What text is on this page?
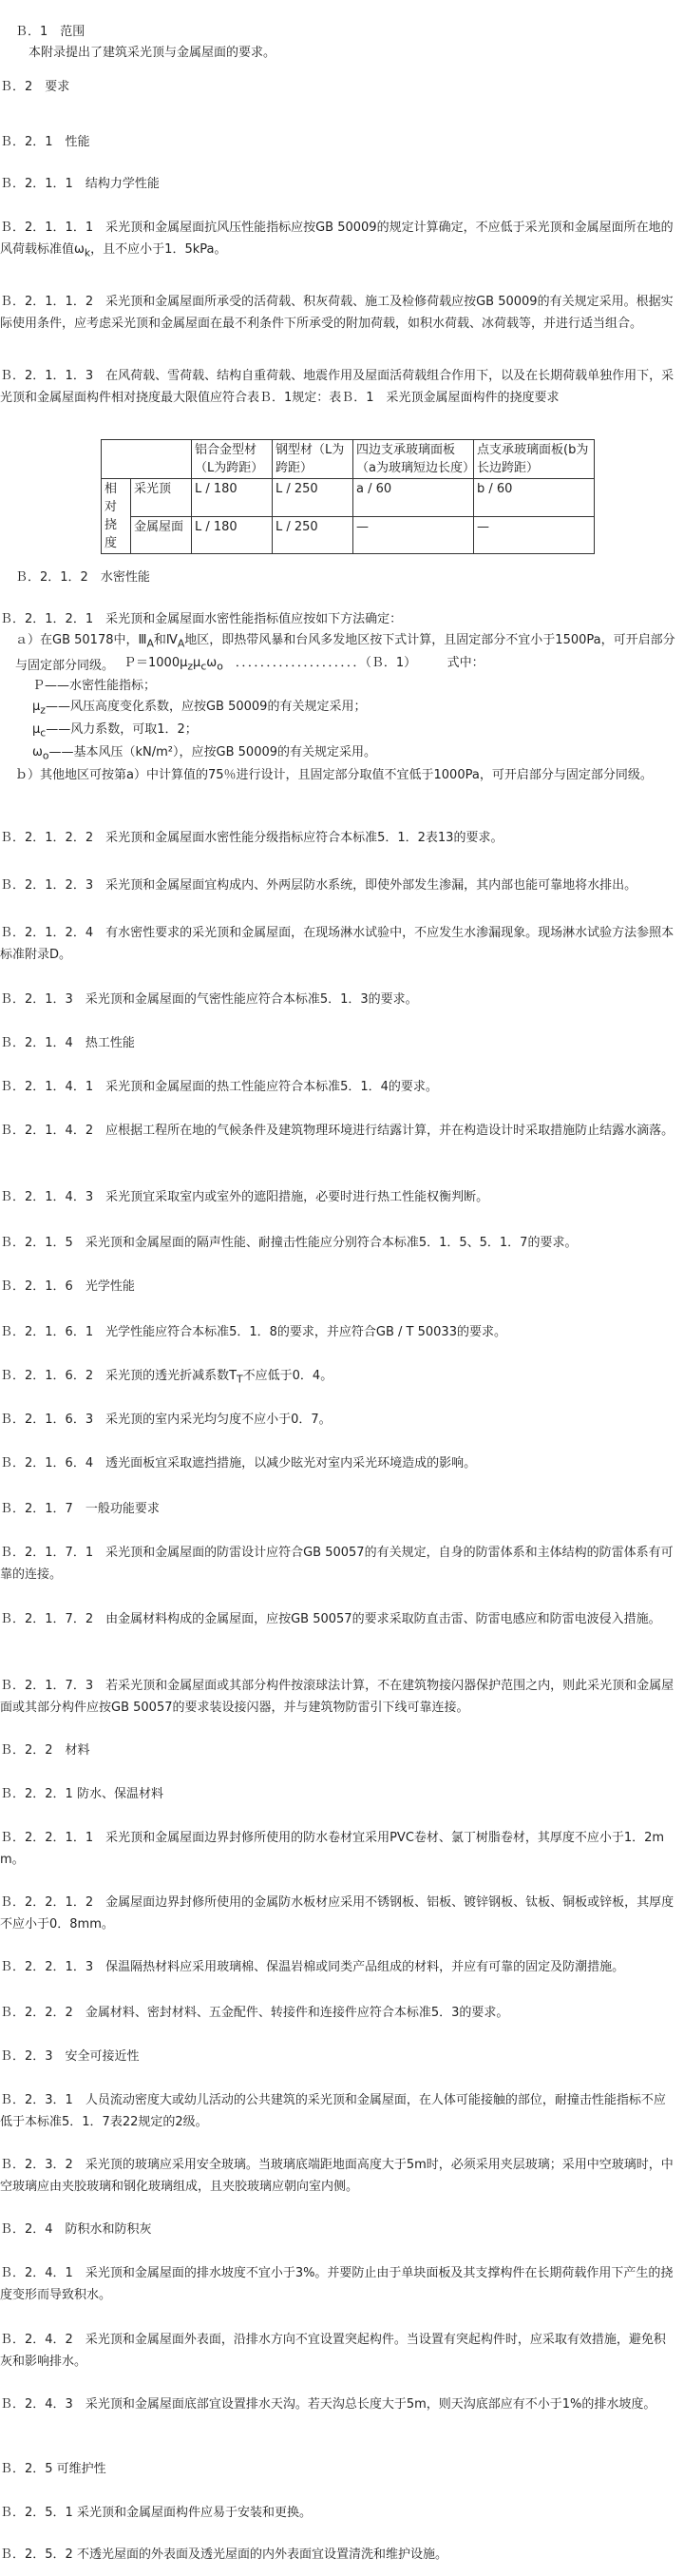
Ｂ．1　范围
本附录提出了建筑采光顶与金属屋面的要求。
Ｂ．2　要求
Ｂ．2．1　性能
Ｂ．2．1．1　结构力学性能
Ｂ．2．1．1．1　采光顶和金属屋面抗风压性能指标应按GB 50009的规定计算确定，不应低于采光顶和金属屋面所在地的风荷载标准值$\omega_k$，且不应小于1．5kPa。
Ｂ．2．1．1．2　采光顶和金属屋面所承受的活荷载、积灰荷载、施工及检修荷载应按GB 50009的有关规定采用。根据实际使用条件，应考虑采光顶和金属屋面在最不利条件下所承受的附加荷载，如积水荷载、冰荷载等，并进行适当组合。
Ｂ．2．1．1．3　在风荷载、雪荷载、结构自重荷载、地震作用及屋面活荷载组合作用下，以及在长期荷载单独作用下，采光顶和金属屋面构件相对挠度最大限值应符合表Ｂ．1规定：表Ｂ．1　采光顶金属屋面构件的挠度要求
		铝合金型材（L为跨距）	钢型材（L为跨距）	四边支承玻璃面板（a为玻璃短边长度）	点支承玻璃面板(b为长边跨距）
相对挠度	采光顶	L / 180	L / 250	a / 60	b / 60
	金属屋面	L / 180	L / 250	—	—
Ｂ．2．1．2　水密性能
Ｂ．2．1．2．1　采光顶和金属屋面水密性能指标值应按如下方法确定：
ａ）在GB 50178中，$Ⅲ_A$和$Ⅳ_A$地区，即热带风暴和台风多发地区按下式计算，且固定部分不宜小于1500Pa，可开启部分与固定部分同级。 $P=1000\mu_z\mu_c\omega_o$　．．．．．．．．．．．．．．．．．．．．（Ｂ．1）　　　式中：
Ｐ——水密性能指标；
$\mu_z——$风压高度变化系数，应按GB 50009的有关规定采用；
$\mu_c——$风力系数，可取1．2；
$\omega_o——$基本风压（kN/m²），应按GB 50009的有关规定采用。
ｂ）其他地区可按第a）中计算值的75％进行设计，且固定部分取值不宜低于1000Pa，可开启部分与固定部分同级。
Ｂ．2．1．2．2　采光顶和金属屋面水密性能分级指标应符合本标准5．1．2表13的要求。
Ｂ．2．1．2．3　采光顶和金属屋面宜构成内、外两层防水系统，即使外部发生渗漏，其内部也能可靠地将水排出。
Ｂ．2．1．2．4　有水密性要求的采光顶和金属屋面，在现场淋水试验中，不应发生水渗漏现象。现场淋水试验方法参照本标准附录D。
Ｂ．2．1．3　采光顶和金属屋面的气密性能应符合本标准5．1．3的要求。
Ｂ．2．1．4　热工性能
Ｂ．2．1．4．1　采光顶和金属屋面的热工性能应符合本标准5．1．4的要求。
Ｂ．2．1．4．2　应根据工程所在地的气候条件及建筑物理环境进行结露计算，并在构造设计时采取措施防止结露水滴落。
Ｂ．2．1．4．3　采光顶宜采取室内或室外的遮阳措施，必要时进行热工性能权衡判断。
Ｂ．2．1．5　采光顶和金属屋面的隔声性能、耐撞击性能应分别符合本标准5．1．5、5．1．7的要求。
Ｂ．2．1．6　光学性能
Ｂ．2．1．6．1　光学性能应符合本标准5．1．8的要求，并应符合GB / T 50033的要求。
Ｂ．2．1．6．2　采光顶的透光折减系数$T_T$不应低于0．4。
Ｂ．2．1．6．3　采光顶的室内采光均匀度不应小于0．7。
Ｂ．2．1．6．4　透光面板宜采取遮挡措施，以减少眩光对室内采光环境造成的影响。
Ｂ．2．1．7　一般功能要求
Ｂ．2．1．7．1　采光顶和金属屋面的防雷设计应符合GB 50057的有关规定，自身的防雷体系和主体结构的防雷体系有可靠的连接。
Ｂ．2．1．7．2　由金属材料构成的金属屋面，应按GB 50057的要求采取防直击雷、防雷电感应和防雷电波侵入措施。
Ｂ．2．1．7．3　若采光顶和金属屋面或其部分构件按滚球法计算，不在建筑物接闪器保护范围之内，则此采光顶和金属屋面或其部分构件应按GB 50057的要求装设接闪器，并与建筑物防雷引下线可靠连接。
Ｂ．2．2　材料
Ｂ．2．2．1 防水、保温材料
Ｂ．2．2．1．1　采光顶和金属屋面边界封修所使用的防水卷材宜采用PVC卷材、氯丁树脂卷材，其厚度不应小于1．2mm。
Ｂ．2．2．1．2　金属屋面边界封修所使用的金属防水板材应采用不锈钢板、铝板、镀锌钢板、钛板、铜板或锌板，其厚度不应小于0．8mm。
Ｂ．2．2．1．3　保温隔热材料应采用玻璃棉、保温岩棉或同类产品组成的材料，并应有可靠的固定及防潮措施。
Ｂ．2．2．2　金属材料、密封材料、五金配件、转接件和连接件应符合本标准5．3的要求。
Ｂ．2．3　安全可接近性
Ｂ．2．3．1　人员流动密度大或幼儿活动的公共建筑的采光顶和金属屋面，在人体可能接触的部位，耐撞击性能指标不应低于本标准5．1．7表22规定的2级。
Ｂ．2．3．2　采光顶的玻璃应采用安全玻璃。当玻璃底端距地面高度大于5m时，必须采用夹层玻璃；采用中空玻璃时，中空玻璃应由夹胶玻璃和钢化玻璃组成，且夹胶玻璃应朝向室内侧。
Ｂ．2．4　防积水和防积灰
Ｂ．2．4．1　采光顶和金属屋面的排水坡度不宜小于3%。并要防止由于单块面板及其支撑构件在长期荷载作用下产生的挠度变形而导致积水。
Ｂ．2．4．2　采光顶和金属屋面外表面，沿排水方向不宜设置突起构件。当设置有突起构件时，应采取有效措施，避免积灰和影响排水。
Ｂ．2．4．3　采光顶和金属屋面底部宜设置排水天沟。若天沟总长度大于5m，则天沟底部应有不小于1%的排水坡度。
Ｂ．2．5 可维护性
Ｂ．2．5．1 采光顶和金属屋面构件应易于安装和更换。
Ｂ．2．5．2 不透光屋面的外表面及透光屋面的内外表面宜设置清洗和维护设施。
